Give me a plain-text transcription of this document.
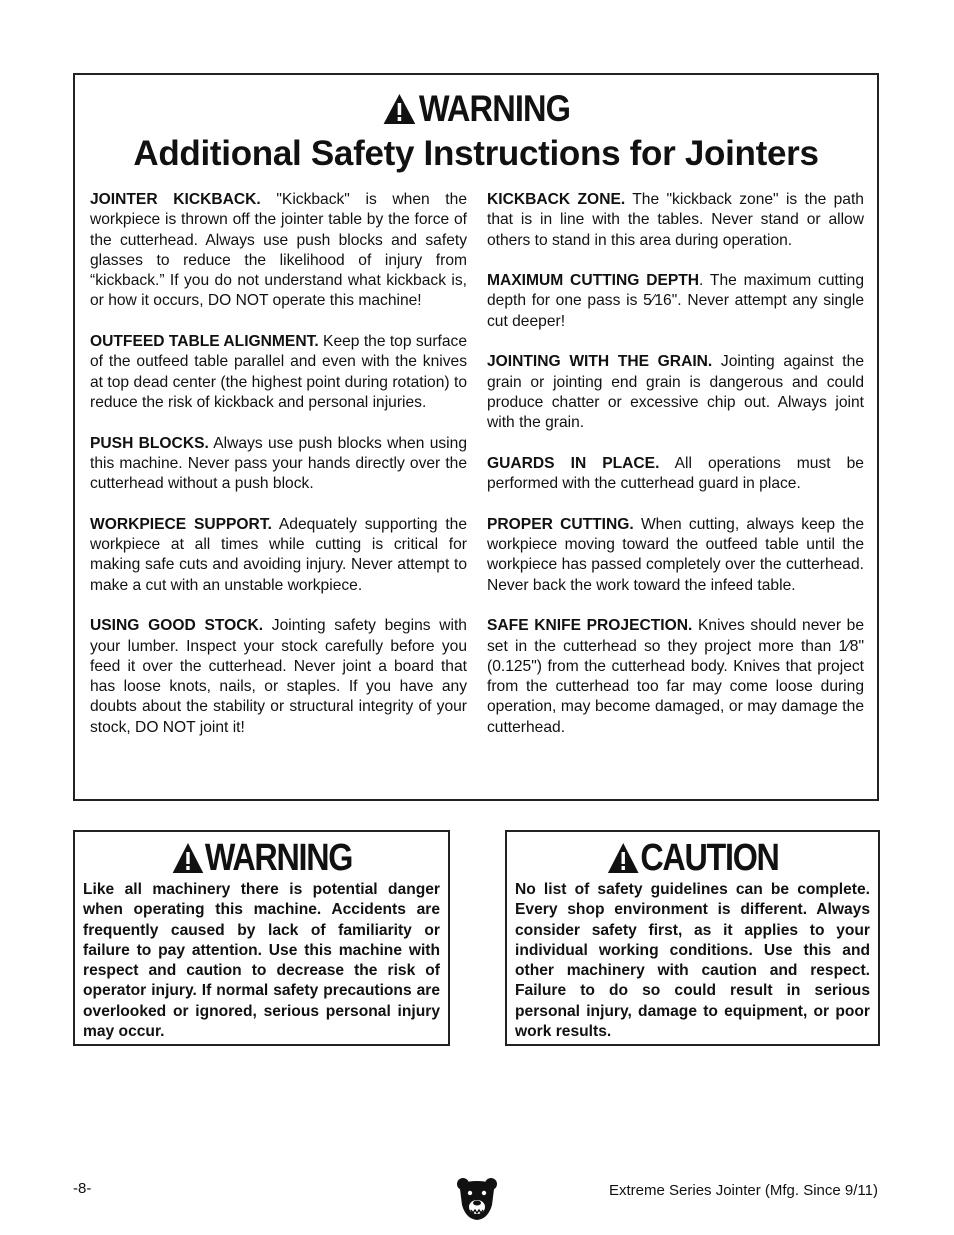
WARNING
Additional Safety Instructions for Jointers

JOINTER KICKBACK. "Kickback" is when the workpiece is thrown off the jointer table by the force of the cutterhead. Always use push blocks and safety glasses to reduce the likelihood of injury from “kickback.” If you do not understand what kickback is, or how it occurs, DO NOT operate this machine!

OUTFEED TABLE ALIGNMENT. Keep the top surface of the outfeed table parallel and even with the knives at top dead center (the highest point during rotation) to reduce the risk of kickback and personal injuries.

PUSH BLOCKS. Always use push blocks when using this machine. Never pass your hands directly over the cutterhead without a push block.

WORKPIECE SUPPORT. Adequately supporting the workpiece at all times while cutting is critical for making safe cuts and avoiding injury. Never attempt to make a cut with an unstable workpiece.

USING GOOD STOCK. Jointing safety begins with your lumber. Inspect your stock carefully before you feed it over the cutterhead. Never joint a board that has loose knots, nails, or staples. If you have any doubts about the stability or structural integrity of your stock, DO NOT joint it!

KICKBACK ZONE. The "kickback zone" is the path that is in line with the tables. Never stand or allow others to stand in this area during operation.

MAXIMUM CUTTING DEPTH. The maximum cutting depth for one pass is 5⁄16". Never attempt any single cut deeper!

JOINTING WITH THE GRAIN. Jointing against the grain or jointing end grain is dangerous and could produce chatter or excessive chip out. Always joint with the grain.

GUARDS IN PLACE. All operations must be performed with the cutterhead guard in place.

PROPER CUTTING. When cutting, always keep the workpiece moving toward the outfeed table until the workpiece has passed completely over the cutterhead. Never back the work toward the infeed table.

SAFE KNIFE PROJECTION. Knives should never be set in the cutterhead so they project more than 1⁄8" (0.125") from the cutterhead body. Knives that project from the cutterhead too far may come loose during operation, may become damaged, or may damage the cutterhead.

WARNING
Like all machinery there is potential danger when operating this machine. Accidents are frequently caused by lack of familiarity or failure to pay attention. Use this machine with respect and caution to decrease the risk of operator injury. If normal safety precautions are overlooked or ignored, serious personal injury may occur.
CAUTION
No list of safety guidelines can be complete. Every shop environment is different. Always consider safety first, as it applies to your individual working conditions. Use this and other machinery with caution and respect. Failure to do so could result in serious personal injury, damage to equipment, or poor work results.
-8-	Extreme Series Jointer (Mfg. Since 9/11)
